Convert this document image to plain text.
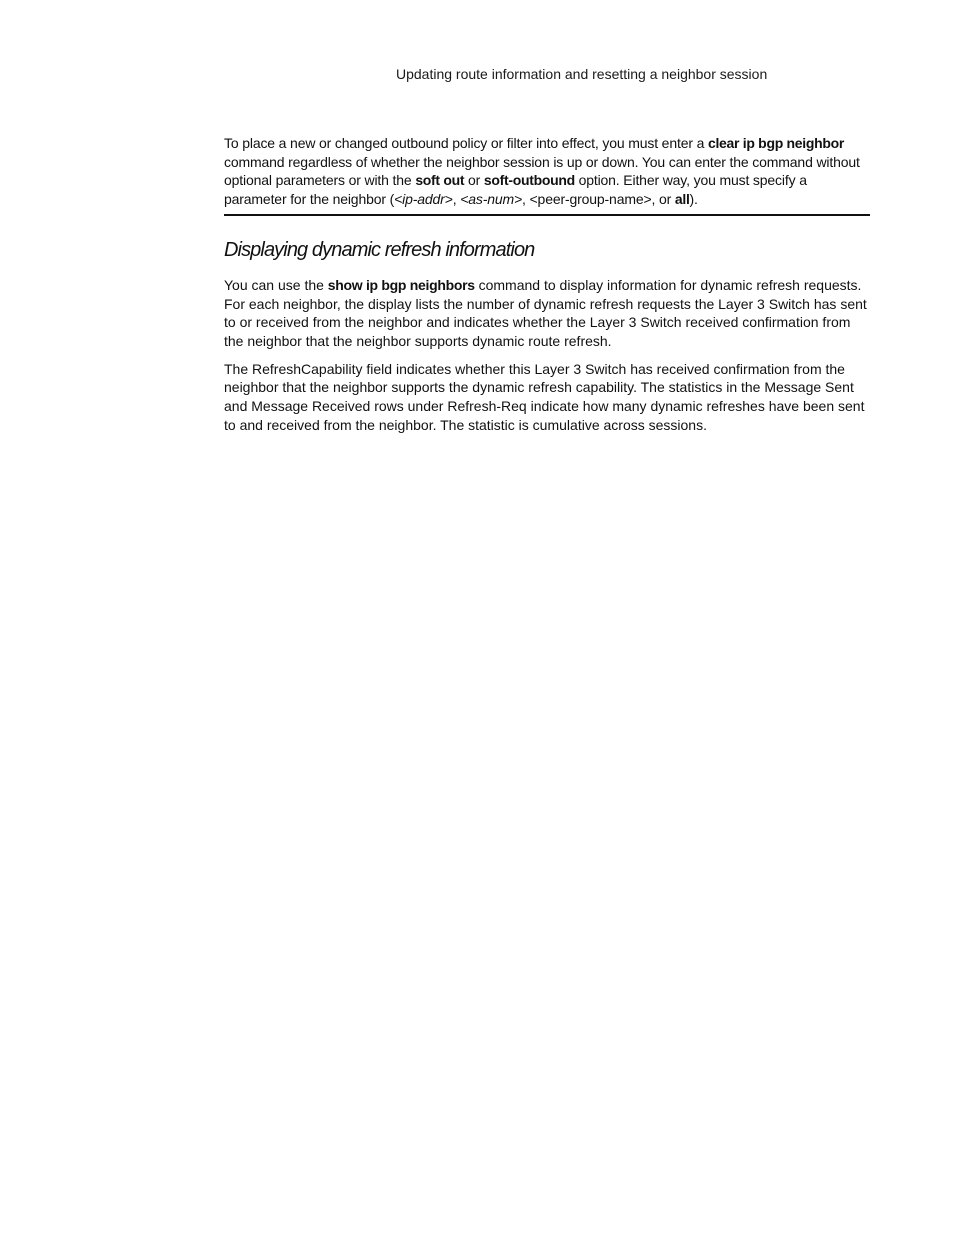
Updating route information and resetting a neighbor session

To place a new or changed outbound policy or filter into effect, you must enter a clear ip bgp neighbor command regardless of whether the neighbor session is up or down. You can enter the command without optional parameters or with the soft out or soft-outbound option. Either way, you must specify a parameter for the neighbor (<ip-addr>, <as-num>, <peer-group-name>, or all).

Displaying dynamic refresh information

You can use the show ip bgp neighbors command to display information for dynamic refresh requests. For each neighbor, the display lists the number of dynamic refresh requests the Layer 3 Switch has sent to or received from the neighbor and indicates whether the Layer 3 Switch received confirmation from the neighbor that the neighbor supports dynamic route refresh.

The RefreshCapability field indicates whether this Layer 3 Switch has received confirmation from the neighbor that the neighbor supports the dynamic refresh capability. The statistics in the Message Sent and Message Received rows under Refresh-Req indicate how many dynamic refreshes have been sent to and received from the neighbor. The statistic is cumulative across sessions.
